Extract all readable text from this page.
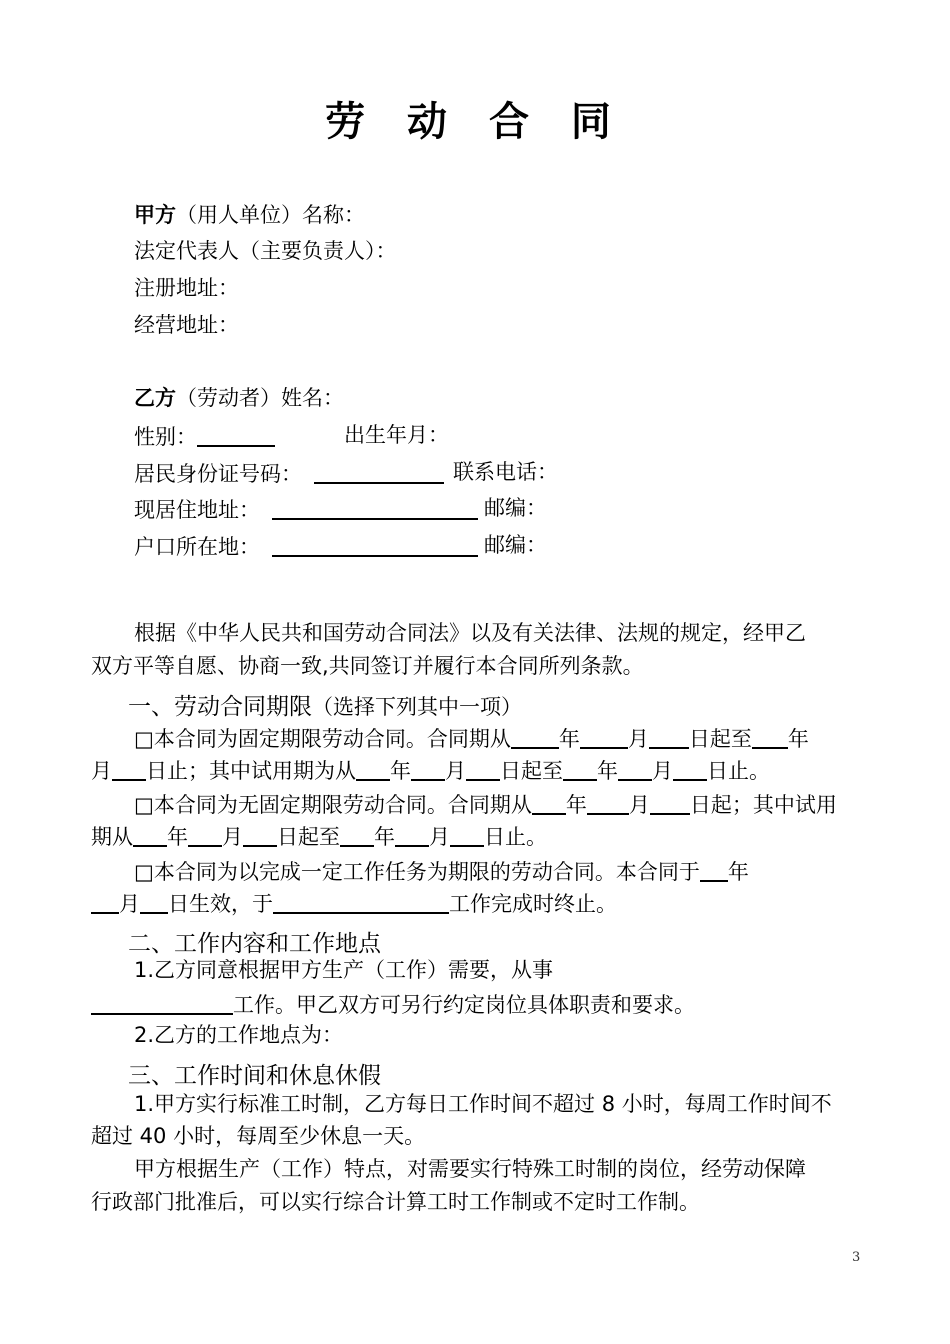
劳 动 合 同
甲方（用人单位）名称：
法定代表人（主要负责人）：
注册地址：
经营地址：
乙方（劳动者）姓名：
性别：	出生年月：
居民身份证号码：	联系电话：
现居住地址：	邮编：
户口所在地：	邮编：
根据《中华人民共和国劳动合同法》以及有关法律、法规的规定，经甲乙
双方平等自愿、协商一致,共同签订并履行本合同所列条款。
一、劳动合同期限（选择下列其中一项）
□本合同为固定期限劳动合同。合同期从 年 月 日起至 年
月 日止；其中试用期为从 年 月 日起至 年 月 日止。
□本合同为无固定期限劳动合同。合同期从 年 月 日起；其中试用
期从 年 月 日起至 年 月 日止。
□本合同为以完成一定工作任务为期限的劳动合同。本合同于 年
月 日生效，于	工作完成时终止。
二、工作内容和工作地点
1.乙方同意根据甲方生产（工作）需要，从事
工作。甲乙双方可另行约定岗位具体职责和要求。
2.乙方的工作地点为：
三、工作时间和休息休假
1.甲方实行标准工时制，乙方每日工作时间不超过 8 小时，每周工作时间不
超过 40 小时，每周至少休息一天。
甲方根据生产（工作）特点，对需要实行特殊工时制的岗位，经劳动保障
行政部门批准后，可以实行综合计算工时工作制或不定时工作制。
3
